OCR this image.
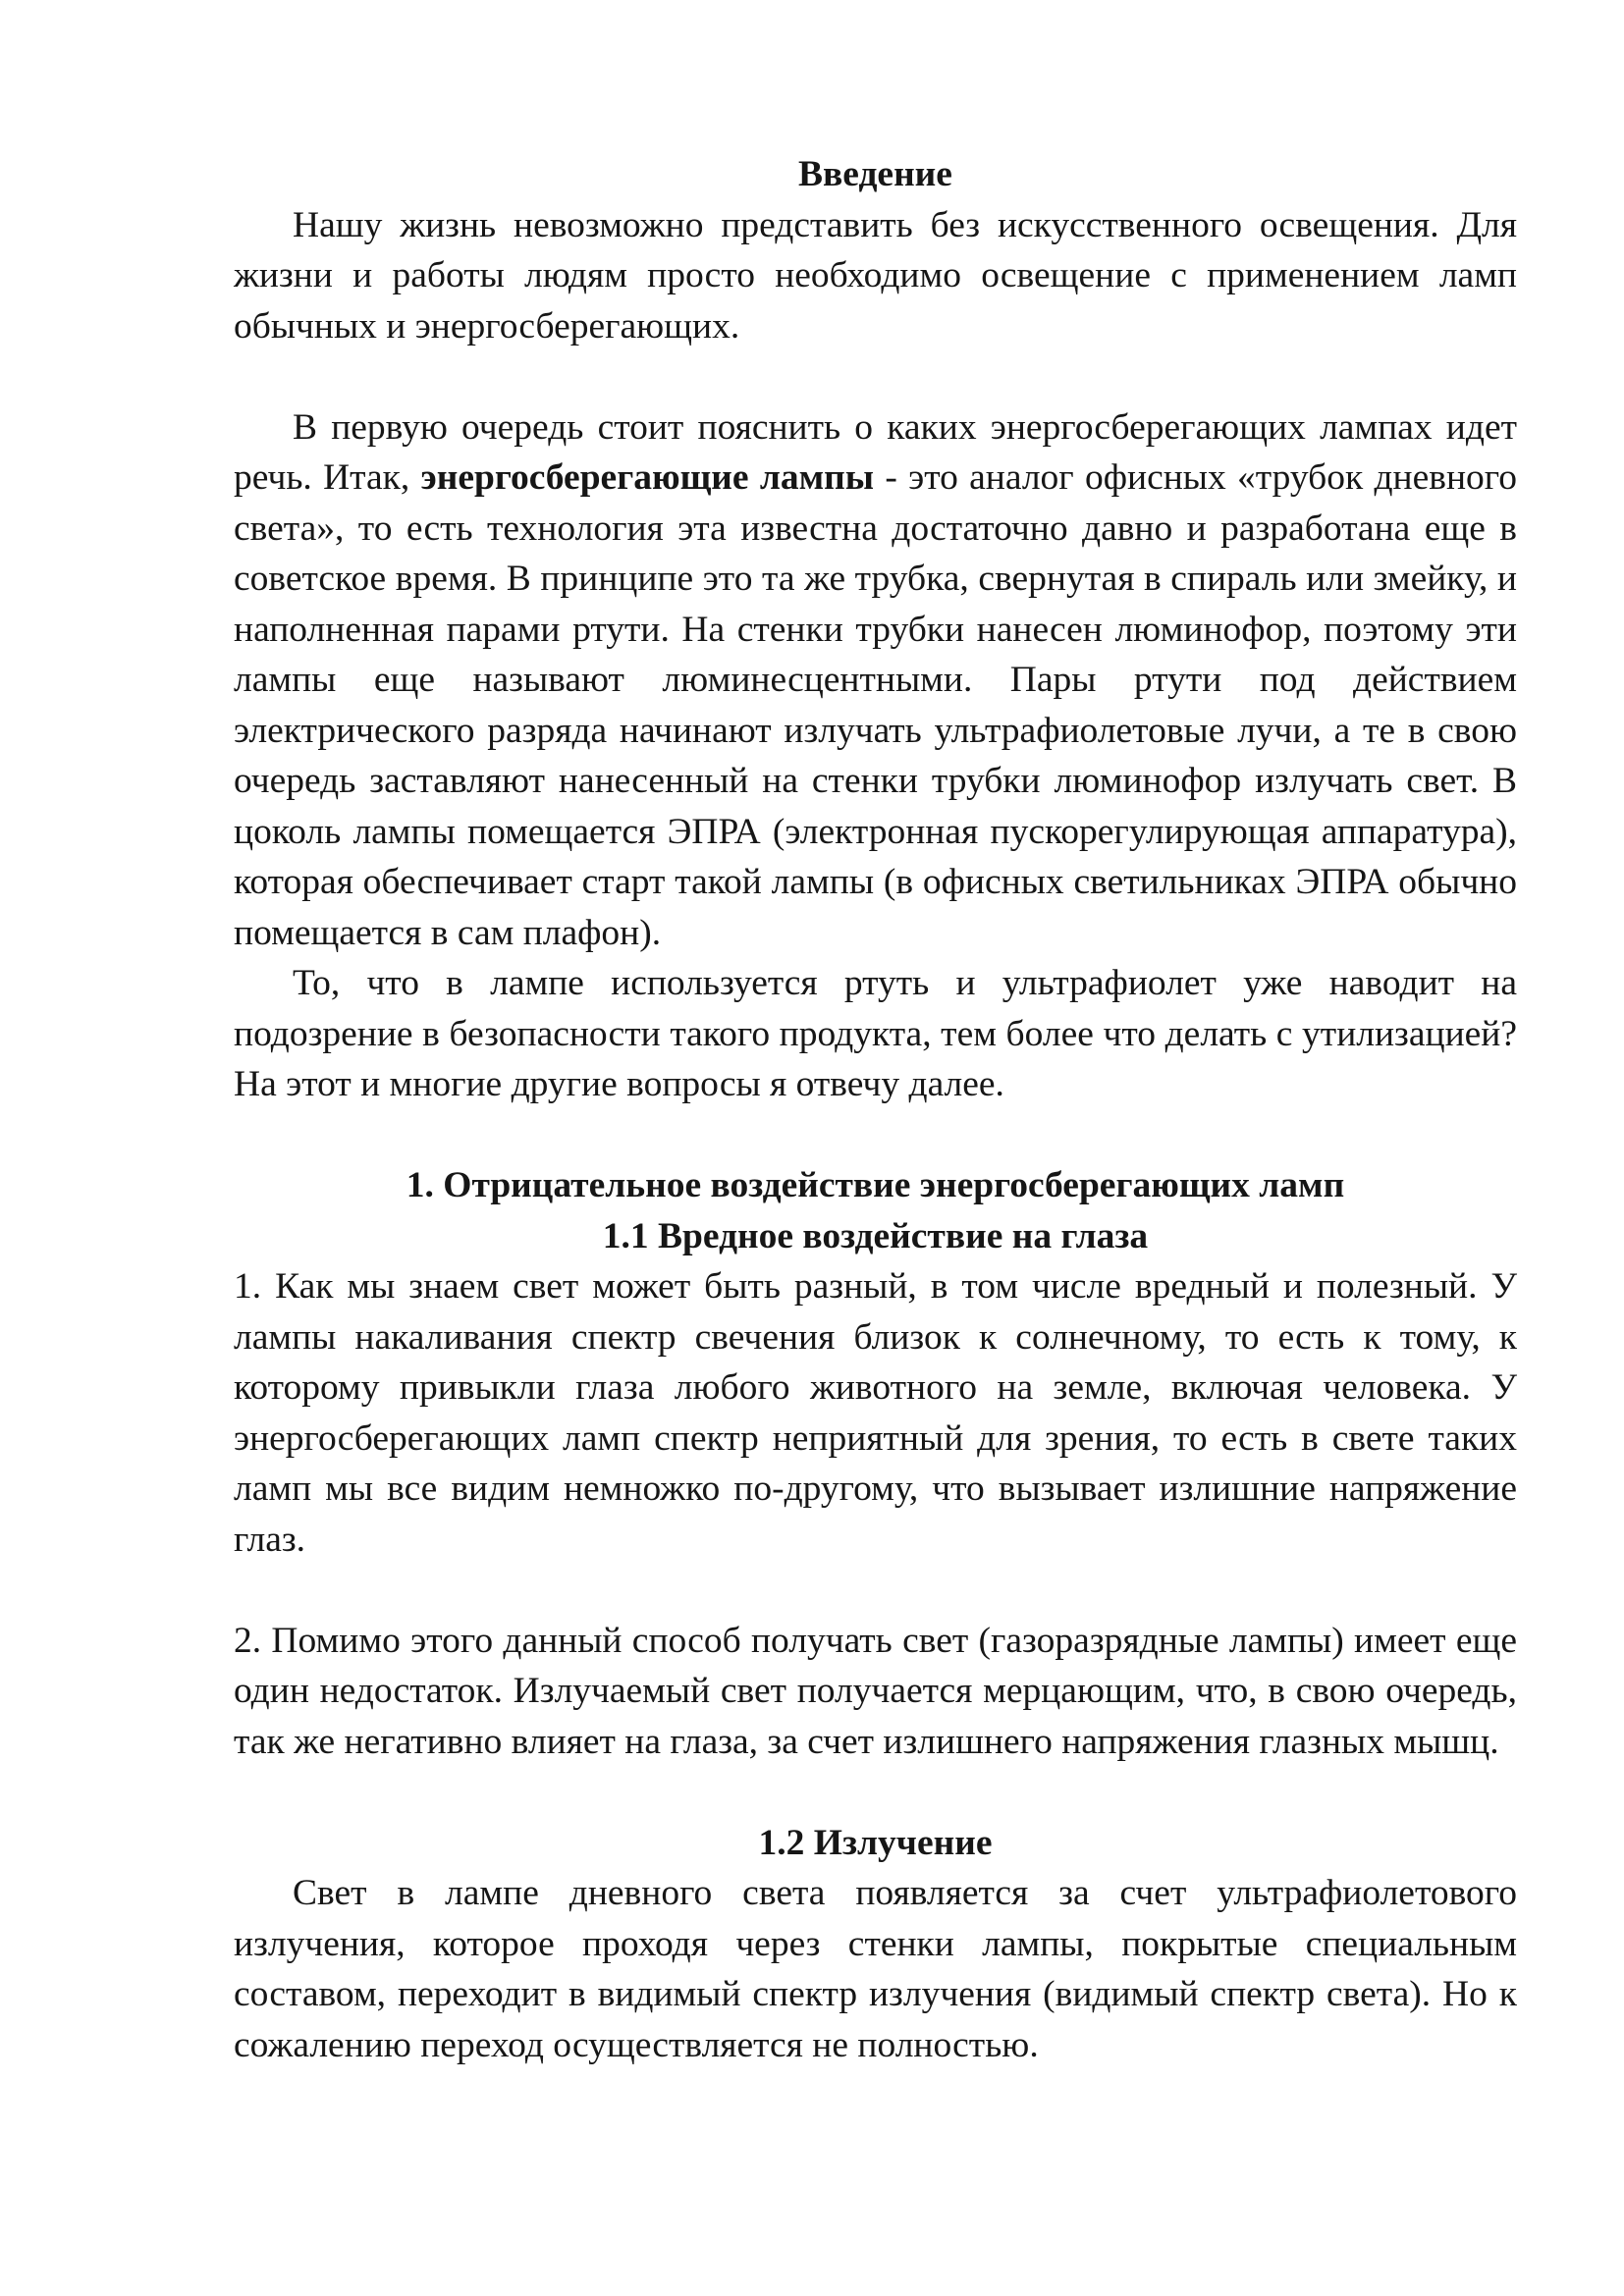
Введение

Нашу жизнь невозможно представить без искусственного освещения. Для жизни и работы людям просто необходимо освещение с применением ламп обычных и энергосберегающих.

В первую очередь стоит пояснить о каких энергосберегающих лампах идет речь. Итак, энергосберегающие лампы - это аналог офисных «трубок дневного света», то есть технология эта известна достаточно давно и разработана еще в советское время. В принципе это та же трубка, свернутая в спираль или змейку, и наполненная парами ртути. На стенки трубки нанесен люминофор, поэтому эти лампы еще называют люминесцентными. Пары ртути под действием электрического разряда начинают излучать ультрафиолетовые лучи, а те в свою очередь заставляют нанесенный на стенки трубки люминофор излучать свет. В цоколь лампы помещается ЭПРА (электронная пускорегулирующая аппаратура), которая обеспечивает старт такой лампы (в офисных светильниках ЭПРА обычно помещается в сам плафон).

То, что в лампе используется ртуть и ультрафиолет уже наводит на подозрение в безопасности такого продукта, тем более что делать с утилизацией? На этот и многие другие вопросы я отвечу далее.

1. Отрицательное воздействие энергосберегающих ламп
1.1 Вредное воздействие на глаза

1. Как мы знаем свет может быть разный, в том числе вредный и полезный. У лампы накаливания спектр свечения близок к солнечному, то есть к тому, к которому привыкли глаза любого животного на земле, включая человека. У энергосберегающих ламп спектр неприятный для зрения, то есть в свете таких ламп мы все видим немножко по-другому, что вызывает излишние напряжение глаз.

2. Помимо этого данный способ получать свет (газоразрядные лампы) имеет еще один недостаток. Излучаемый свет получается мерцающим, что, в свою очередь, так же негативно влияет на глаза, за счет излишнего напряжения глазных мышц.

1.2 Излучение

Свет в лампе дневного света появляется за счет ультрафиолетового излучения, которое проходя через стенки лампы, покрытые специальным составом, переходит в видимый спектр излучения (видимый спектр света). Но к сожалению переход осуществляется не полностью.
